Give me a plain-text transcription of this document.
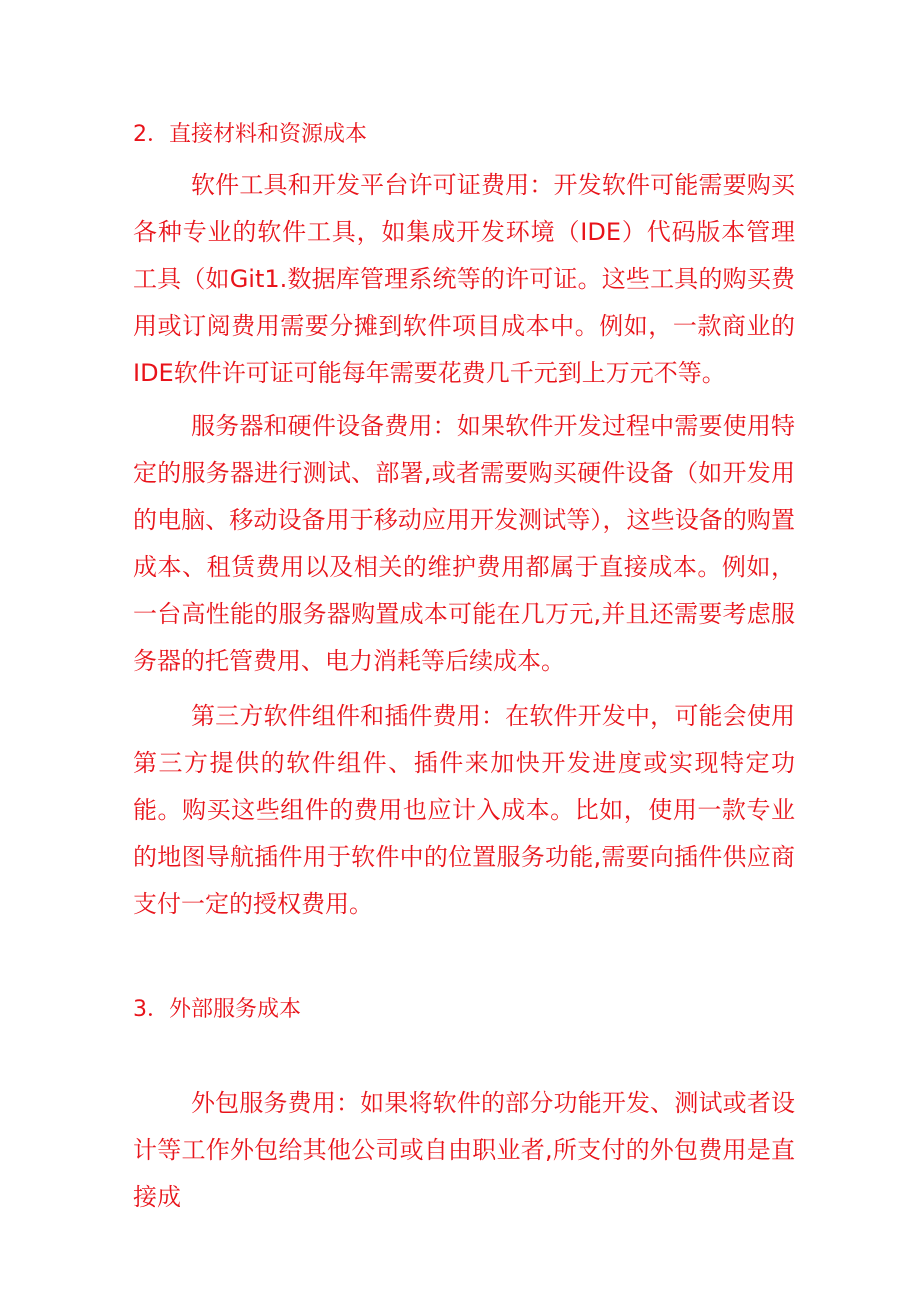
2．直接材料和资源成本
软件工具和开发平台许可证费用：开发软件可能需要购买各种专业的软件工具，如集成开发环境（IDE）代码版本管理工具（如Git1.数据库管理系统等的许可证。这些工具的购买费用或订阅费用需要分摊到软件项目成本中。例如，一款商业的IDE软件许可证可能每年需要花费几千元到上万元不等。
服务器和硬件设备费用：如果软件开发过程中需要使用特定的服务器进行测试、部署,或者需要购买硬件设备（如开发用的电脑、移动设备用于移动应用开发测试等），这些设备的购置成本、租赁费用以及相关的维护费用都属于直接成本。例如，一台高性能的服务器购置成本可能在几万元,并且还需要考虑服务器的托管费用、电力消耗等后续成本。
第三方软件组件和插件费用：在软件开发中，可能会使用第三方提供的软件组件、插件来加快开发进度或实现特定功能。购买这些组件的费用也应计入成本。比如，使用一款专业的地图导航插件用于软件中的位置服务功能,需要向插件供应商支付一定的授权费用。
3．外部服务成本
外包服务费用：如果将软件的部分功能开发、测试或者设计等工作外包给其他公司或自由职业者,所支付的外包费用是直接成
